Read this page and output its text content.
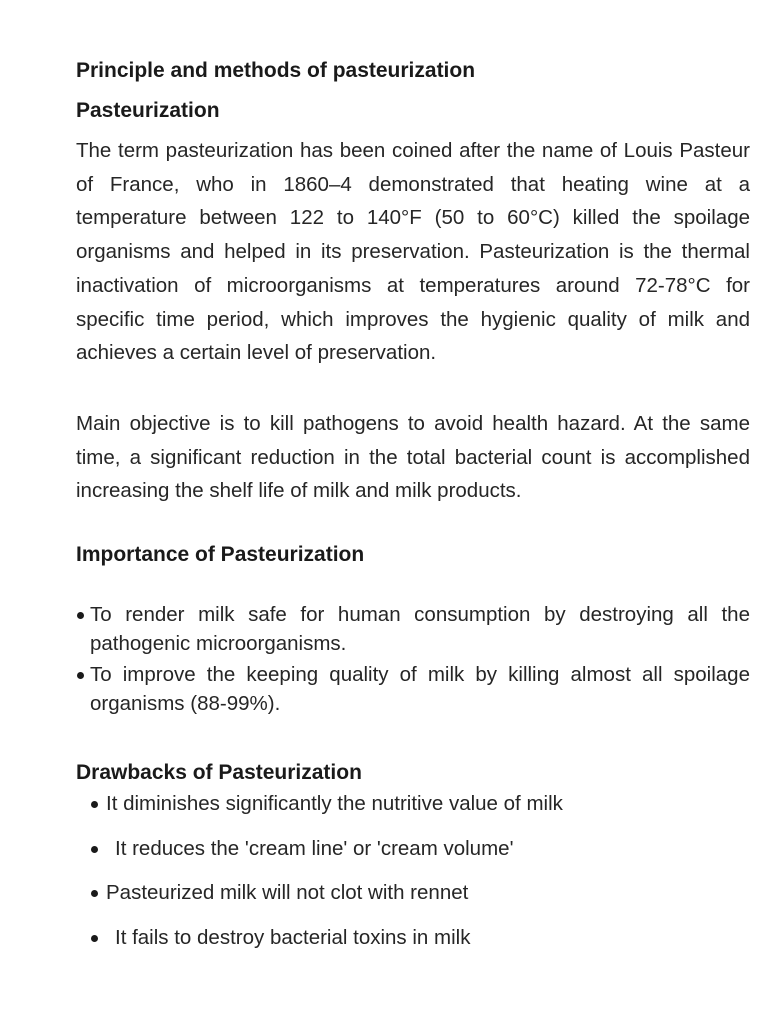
Principle and methods of pasteurization
Pasteurization

The term pasteurization has been coined after the name of Louis Pasteur of France, who in 1860–4 demonstrated that heating wine at a temperature between 122 to 140°F (50 to 60°C) killed the spoilage organisms and helped in its preservation. Pasteurization is the thermal inactivation of microorganisms at temperatures around 72-78°C for specific time period, which improves the hygienic quality of milk and achieves a certain level of preservation.

Main objective is to kill pathogens to avoid health hazard. At the same time, a significant reduction in the total bacterial count is accomplished increasing the shelf life of milk and milk products.

Importance of Pasteurization
To render milk safe for human consumption by destroying all the pathogenic microorganisms.
To improve the keeping quality of milk by killing almost all spoilage organisms (88-99%).
Drawbacks of Pasteurization
It diminishes significantly the nutritive value of milk
It reduces the 'cream line' or 'cream volume'
Pasteurized milk will not clot with rennet
It fails to destroy bacterial toxins in milk
